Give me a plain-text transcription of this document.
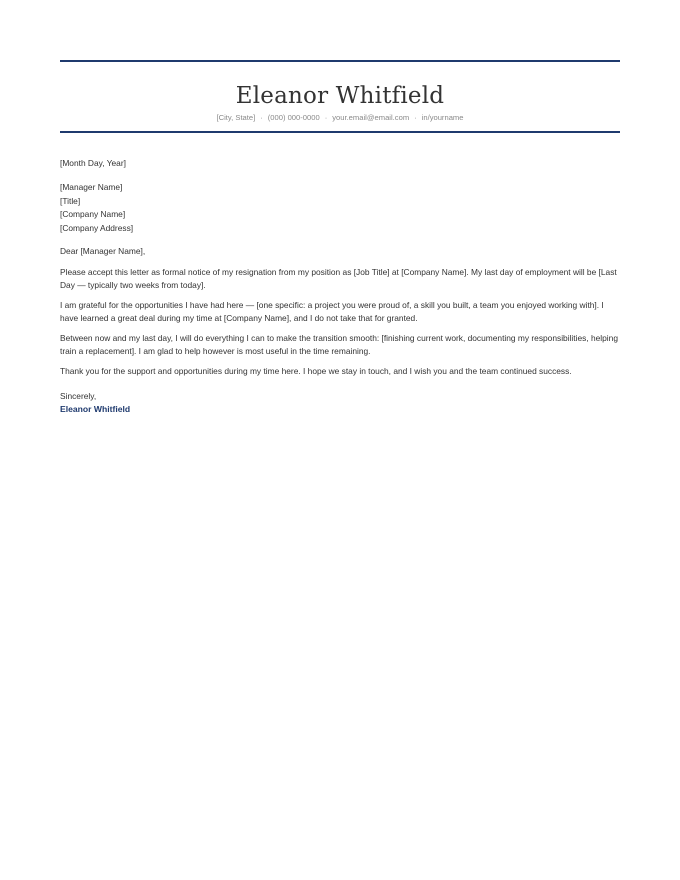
Eleanor Whitfield
[City, State] · (000) 000-0000 · your.email@email.com · in/yourname
[Month Day, Year]
[Manager Name]
[Title]
[Company Name]
[Company Address]
Dear [Manager Name],

Please accept this letter as formal notice of my resignation from my position as [Job Title] at [Company Name]. My last day of employment will be [Last Day — typically two weeks from today].

I am grateful for the opportunities I have had here — [one specific: a project you were proud of, a skill you built, a team you enjoyed working with]. I have learned a great deal during my time at [Company Name], and I do not take that for granted.

Between now and my last day, I will do everything I can to make the transition smooth: [finishing current work, documenting my responsibilities, helping train a replacement]. I am glad to help however is most useful in the time remaining.

Thank you for the support and opportunities during my time here. I hope we stay in touch, and I wish you and the team continued success.

Sincerely,
Eleanor Whitfield
